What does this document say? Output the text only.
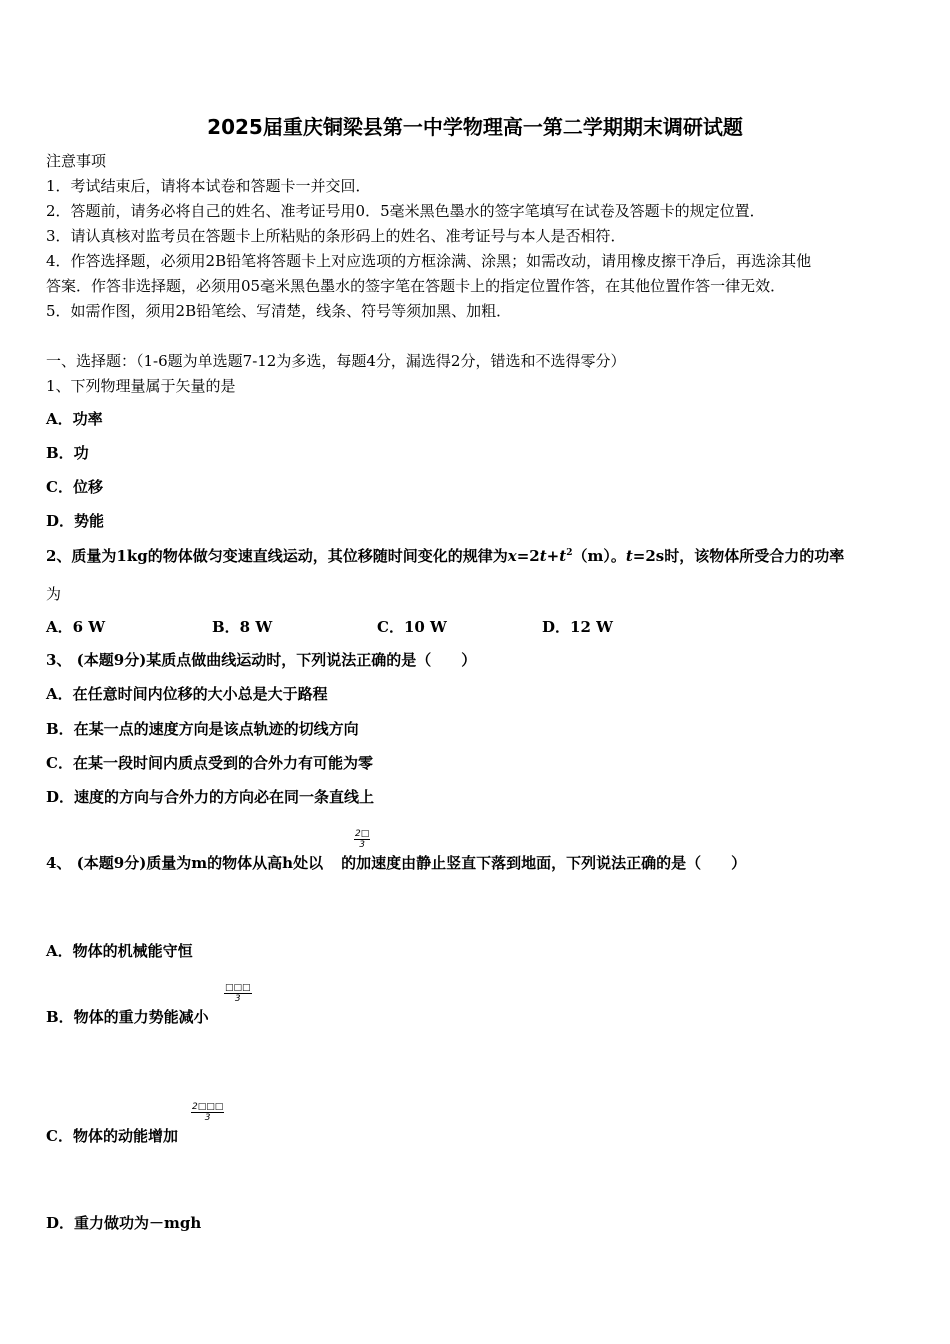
2025届重庆铜梁县第一中学物理高一第二学期期末调研试题
注意事项
1．考试结束后，请将本试卷和答题卡一并交回．
2．答题前，请务必将自己的姓名、准考证号用0．5毫米黑色墨水的签字笔填写在试卷及答题卡的规定位置．
3．请认真核对监考员在答题卡上所粘贴的条形码上的姓名、准考证号与本人是否相符．
4．作答选择题，必须用2B铅笔将答题卡上对应选项的方框涂满、涂黑；如需改动，请用橡皮擦干净后，再选涂其他
答案．作答非选择题，必须用05毫米黑色墨水的签字笔在答题卡上的指定位置作答，在其他位置作答一律无效．
5．如需作图，须用2B铅笔绘、写清楚，线条、符号等须加黑、加粗．
一、选择题：（1-6题为单选题7-12为多选，每题4分，漏选得2分，错选和不选得零分）
1、下列物理量属于矢量的是
A．功率
B．功
C．位移
D．势能
2、质量为1kg的物体做匀变速直线运动，其位移随时间变化的规律为$x=2t+t^2(m)$。t=2s时，该物体所受合力的功率
为
A．6 W	B．8 W	C．10 W	D．12 W
3、 (本题9分)某质点做曲线运动时，下列说法正确的是（　　）
A．在任意时间内位移的大小总是大于路程
B．在某一点的速度方向是该点轨迹的切线方向
C．在某一段时间内质点受到的合外力有可能为零
D．速度的方向与合外力的方向必在同一条直线上
4、 (本题9分)质量为m的物体从高h处以 的加速度由静止竖直下落到地面，下列说法正确的是（　　）
$\frac{2□}{3}$
A．物体的机械能守恒
B．物体的重力势能减小
□□□
3
C．物体的动能增加
$\frac{2□□□}{3}$
D．重力做功为－mgh
